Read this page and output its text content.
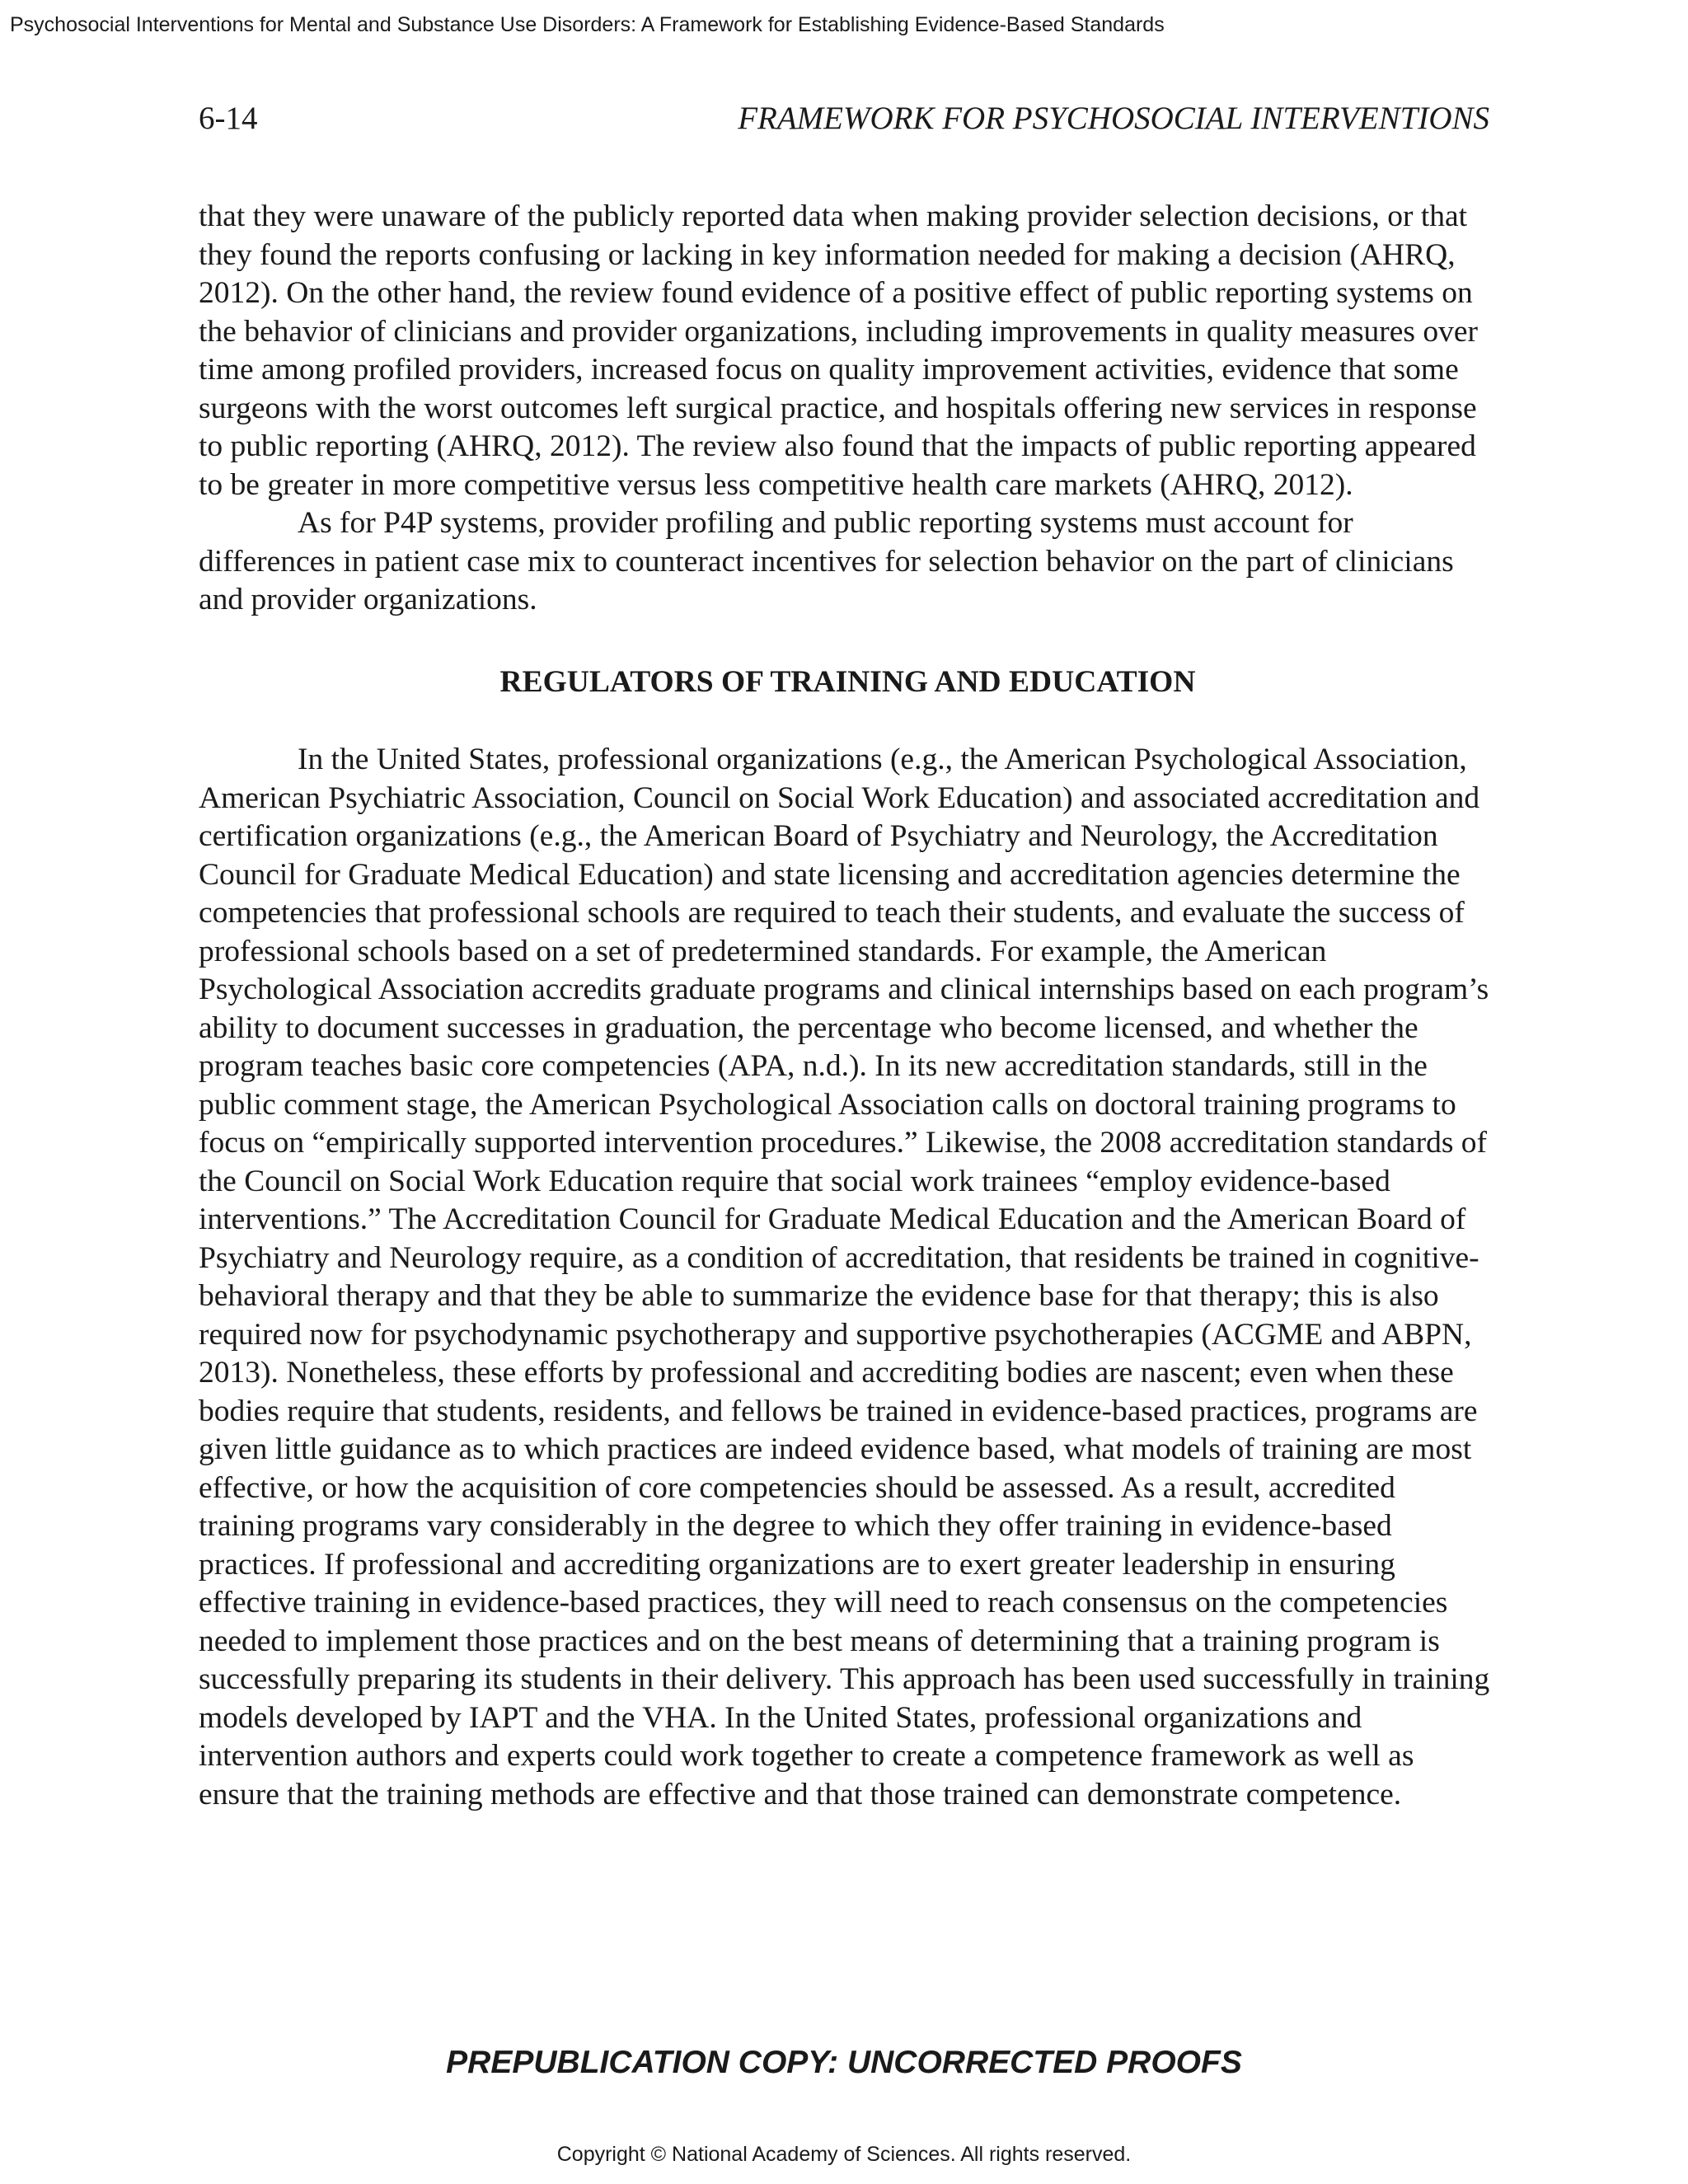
Psychosocial Interventions for Mental and Substance Use Disorders: A Framework for Establishing Evidence-Based Standards
6-14	FRAMEWORK FOR PSYCHOSOCIAL INTERVENTIONS

that they were unaware of the publicly reported data when making provider selection decisions, or that they found the reports confusing or lacking in key information needed for making a decision (AHRQ, 2012). On the other hand, the review found evidence of a positive effect of public reporting systems on the behavior of clinicians and provider organizations, including improvements in quality measures over time among profiled providers, increased focus on quality improvement activities, evidence that some surgeons with the worst outcomes left surgical practice, and hospitals offering new services in response to public reporting (AHRQ, 2012). The review also found that the impacts of public reporting appeared to be greater in more competitive versus less competitive health care markets (AHRQ, 2012).

As for P4P systems, provider profiling and public reporting systems must account for differences in patient case mix to counteract incentives for selection behavior on the part of clinicians and provider organizations.

REGULATORS OF TRAINING AND EDUCATION

In the United States, professional organizations (e.g., the American Psychological Association, American Psychiatric Association, Council on Social Work Education) and associated accreditation and certification organizations (e.g., the American Board of Psychiatry and Neurology, the Accreditation Council for Graduate Medical Education) and state licensing and accreditation agencies determine the competencies that professional schools are required to teach their students, and evaluate the success of professional schools based on a set of predetermined standards. For example, the American Psychological Association accredits graduate programs and clinical internships based on each program’s ability to document successes in graduation, the percentage who become licensed, and whether the program teaches basic core competencies (APA, n.d.). In its new accreditation standards, still in the public comment stage, the American Psychological Association calls on doctoral training programs to focus on “empirically supported intervention procedures.” Likewise, the 2008 accreditation standards of the Council on Social Work Education require that social work trainees “employ evidence-based interventions.” The Accreditation Council for Graduate Medical Education and the American Board of Psychiatry and Neurology require, as a condition of accreditation, that residents be trained in cognitive-behavioral therapy and that they be able to summarize the evidence base for that therapy; this is also required now for psychodynamic psychotherapy and supportive psychotherapies (ACGME and ABPN, 2013). Nonetheless, these efforts by professional and accrediting bodies are nascent; even when these bodies require that students, residents, and fellows be trained in evidence-based practices, programs are given little guidance as to which practices are indeed evidence based, what models of training are most effective, or how the acquisition of core competencies should be assessed. As a result, accredited training programs vary considerably in the degree to which they offer training in evidence-based practices. If professional and accrediting organizations are to exert greater leadership in ensuring effective training in evidence-based practices, they will need to reach consensus on the competencies needed to implement those practices and on the best means of determining that a training program is successfully preparing its students in their delivery. This approach has been used successfully in training models developed by IAPT and the VHA. In the United States, professional organizations and intervention authors and experts could work together to create a competence framework as well as ensure that the training methods are effective and that those trained can demonstrate competence.

PREPUBLICATION COPY: UNCORRECTED PROOFS
Copyright © National Academy of Sciences. All rights reserved.
